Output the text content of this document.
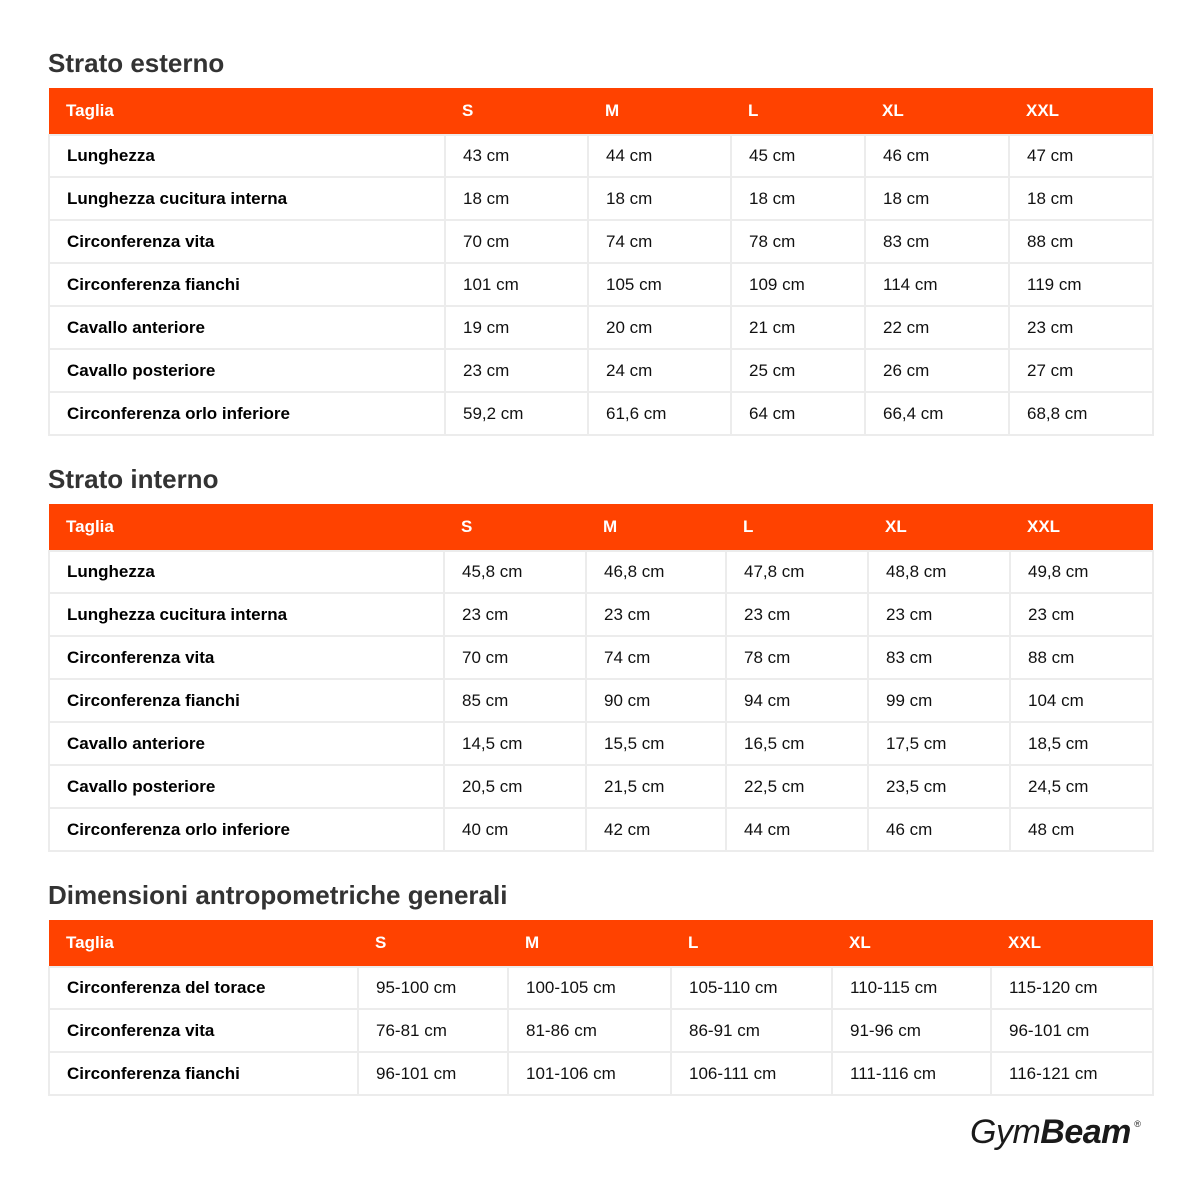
Strato esterno
Taglia	S	M	L	XL	XXL
Lunghezza	43 cm	44 cm	45 cm	46 cm	47 cm
Lunghezza cucitura interna	18 cm	18 cm	18 cm	18 cm	18 cm
Circonferenza vita	70 cm	74 cm	78 cm	83 cm	88 cm
Circonferenza fianchi	101 cm	105 cm	109 cm	114 cm	119 cm
Cavallo anteriore	19 cm	20 cm	21 cm	22 cm	23 cm
Cavallo posteriore	23 cm	24 cm	25 cm	26 cm	27 cm
Circonferenza orlo inferiore	59,2 cm	61,6 cm	64 cm	66,4 cm	68,8 cm
Strato interno
Taglia	S	M	L	XL	XXL
Lunghezza	45,8 cm	46,8 cm	47,8 cm	48,8 cm	49,8 cm
Lunghezza cucitura interna	23 cm	23 cm	23 cm	23 cm	23 cm
Circonferenza vita	70 cm	74 cm	78 cm	83 cm	88 cm
Circonferenza fianchi	85 cm	90 cm	94 cm	99 cm	104 cm
Cavallo anteriore	14,5 cm	15,5 cm	16,5 cm	17,5 cm	18,5 cm
Cavallo posteriore	20,5 cm	21,5 cm	22,5 cm	23,5 cm	24,5 cm
Circonferenza orlo inferiore	40 cm	42 cm	44 cm	46 cm	48 cm
Dimensioni antropometriche generali
Taglia	S	M	L	XL	XXL
Circonferenza del torace	95-100 cm	100-105 cm	105-110 cm	110-115 cm	115-120 cm
Circonferenza vita	76-81 cm	81-86 cm	86-91 cm	91-96 cm	96-101 cm
Circonferenza fianchi	96-101 cm	101-106 cm	106-111 cm	111-116 cm	116-121 cm
GymBeam ®
